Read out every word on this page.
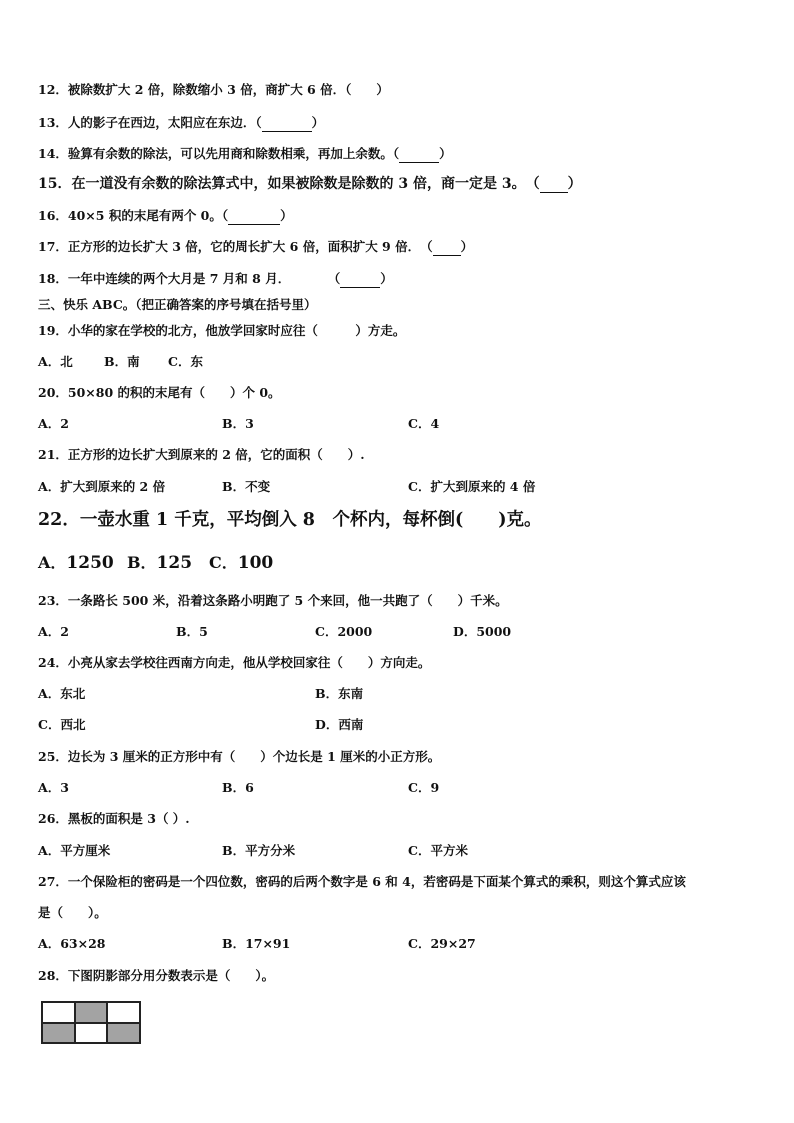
12．被除数扩大 2 倍，除数缩小 3 倍，商扩大 6 倍．（　　）
13．人的影子在西边，太阳应在东边．（	）
14．验算有余数的除法，可以先用商和除数相乘，再加上余数。（	）
15．在一道没有余数的除法算式中，如果被除数是除数的 3 倍，商一定是 3。　（ ）
16．40×5 积的末尾有两个 0。（	）
17．正方形的边长扩大 3 倍，它的周长扩大 6 倍，面积扩大 9 倍．　（ ）
18．一年中连续的两个大月是 7 月和 8 月．　　　　（	）
三、快乐 ABC。（把正确答案的序号填在括号里）
19．小华的家在学校的北方，他放学回家时应往（　　　）方走。
A．北	B．南 C．东
20．50×80 的积的末尾有（　　）个 0。
A．2	B．3	C．4
21．正方形的边长扩大到原来的 2 倍，它的面积（　　）.
A．扩大到原来的 2 倍	B．不变	C．扩大到原来的 4 倍
22．一壶水重 1 千克，平均倒入 8　个杯内，每杯倒(　　)克。
A．1250 B．125 C．100
23．一条路长 500 米，沿着这条路小明跑了 5 个来回，他一共跑了（　　）千米。
A．2	B．5	C．2000	D．5000
24．小亮从家去学校往西南方向走，他从学校回家往（　　）方向走。
A．东北	B．东南
C．西北	D．西南
25．边长为 3 厘米的正方形中有（　　）个边长是 1 厘米的小正方形。
A．3	B．6	C．9
26．黑板的面积是 3（ ）.
A．平方厘米	B．平方分米	C．平方米
27．一个保险柜的密码是一个四位数，密码的后两个数字是 6 和 4，若密码是下面某个算式的乘积，则这个算式应该
是（　　）。
A．63×28	B．17×91	C．29×27
28．下图阴影部分用分数表示是（　　）。
